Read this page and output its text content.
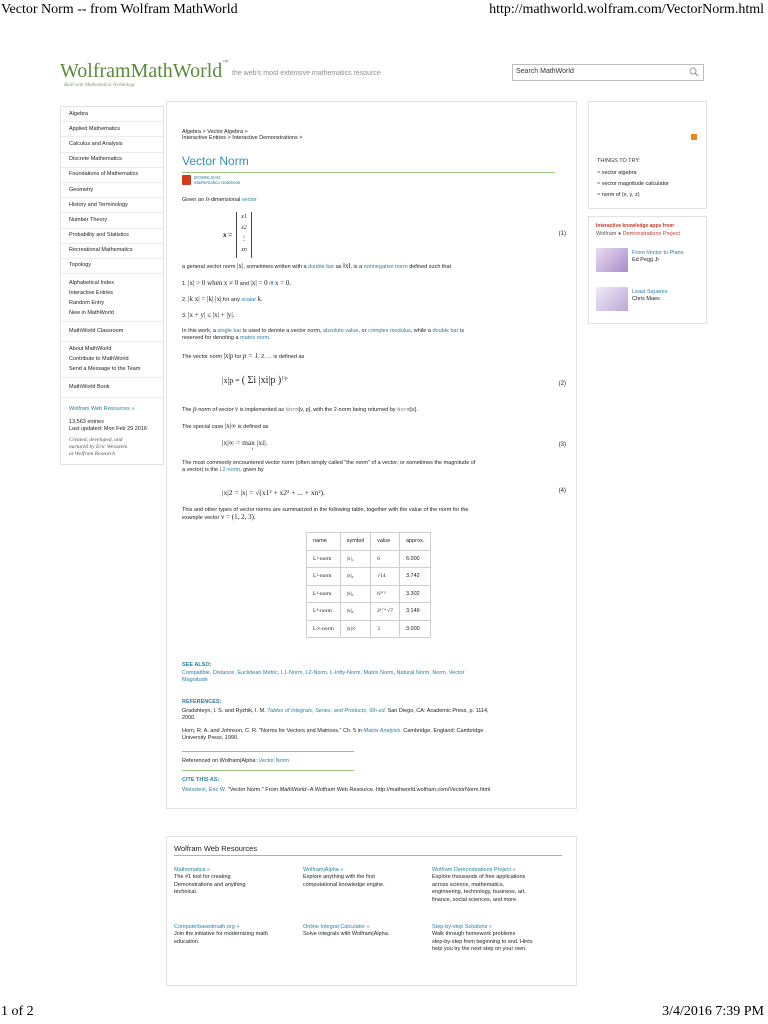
Vector Norm -- from Wolfram MathWorld	http://mathworld.wolfram.com/VectorNorm.html
1 of 2	3/4/2016 7:39 PM
WolframMathWorld™
the web's most extensive mathematics resource
Built with Mathematica Technology
Search MathWorld
Algebra
Applied Mathematics
Calculus and Analysis
Discrete Mathematics
Foundations of Mathematics
Geometry
History and Terminology
Number Theory
Probability and Statistics
Recreational Mathematics
Topology
Alphabetical Index
Interactive Entries
Random Entry
New in MathWorld
MathWorld Classroom
About MathWorld
Contribute to MathWorld
Send a Message to the Team
MathWorld Book
Wolfram Web Resources »
13,563 entries
Last updated: Mon Feb 29 2016
Created, developed, and
nurtured by Eric Weisstein
at Wolfram Research
Algebra > Vector Algebra >
Interactive Entries > Interactive Demonstrations >
Vector Norm
DOWNLOAD
Mathematica Notebook
Given an n-dimensional vector
x =
x1
x2
⋮
xn
(1)
a general vector norm |x|, sometimes written with a double bar as ‖x‖, is a nonnegative norm defined such that
1. |x| > 0 when x ≠ 0 and |x| = 0 iff x = 0.
2. |k x| = |k| |x| for any scalar k.
3. |x + y| ≤ |x| + |y|.
In this work, a single bar is used to denote a vector norm, absolute value, or complex modulus, while a double bar is
reserved for denoting a matrix norm.
The vector norm |x|p for p = 1, 2, ... is defined as
|x|p = ( Σi |xi|p )$^{1/p}$
(2)
The p-norm of vector v is implemented as Norm[v, p], with the 2-norm being returned by Norm[v].
The special case |x|∞ is defined as
|x|∞ = max |xi|.
i
(3)
The most commonly encountered vector norm (often simply called "the norm" of a vector, or sometimes the magnitude of
a vector) is the L2-norm, given by
|x|2 = |x| = √(x1² + x2² + ... + xn²).	(4)
This and other types of vector norms are summarized in the following table, together with the value of the norm for the
example vector v = (1, 2, 3).
name	symbol	value	approx.
L¹-norm	|x|₁	6	6.000
L²-norm	|x|₂	√14	3.742
L³-norm	|x|₃	6²ᐟ³	3.302
L⁴-norm	|x|₄	2¹ᐟ⁴ √7	3.146
L∞-norm	|x|∞	3	3.000
SEE ALSO:
Compatible, Distance, Euclidean Metric, L1-Norm, L2-Norm, L-Infty-Norm, Matrix Norm, Natural Norm, Norm, Vector
Magnitude
REFERENCES:
Gradshteyn, I. S. and Ryzhik, I. M. Tables of Integrals, Series, and Products, 6th ed. San Diego, CA: Academic Press, p. 1114,
2000.
Horn, R. A. and Johnson, C. R. "Norms for Vectors and Matrices." Ch. 5 in Matrix Analysis. Cambridge, England: Cambridge
University Press, 1990.
Referenced on Wolfram|Alpha: Vector Norm
CITE THIS AS:
Weisstein, Eric W. "Vector Norm." From MathWorld--A Wolfram Web Resource. http://mathworld.wolfram.com/VectorNorm.html
THINGS TO TRY:
= vector algebra
= vector magnitude calculator
= norm of (x, y, z)
Interactive knowledge apps from
Wolfram ● Demonstrations Project
From Vector to Plane
Ed Pegg Jr
Least Squares
Chris Maes
Wolfram Web Resources
Mathematica »
The #1 tool for creating
Demonstrations and anything
technical.
Wolfram|Alpha »
Explore anything with the first
computational knowledge engine.
Wolfram Demonstrations Project »
Explore thousands of free applications
across science, mathematics,
engineering, technology, business, art,
finance, social sciences, and more.
Computerbasedmath.org »
Join the initiative for modernizing math
education.
Online Integral Calculator »
Solve integrals with Wolfram|Alpha.
Step-by-step Solutions »
Walk through homework problems
step-by-step from beginning to end. Hints
help you try the next step on your own.
